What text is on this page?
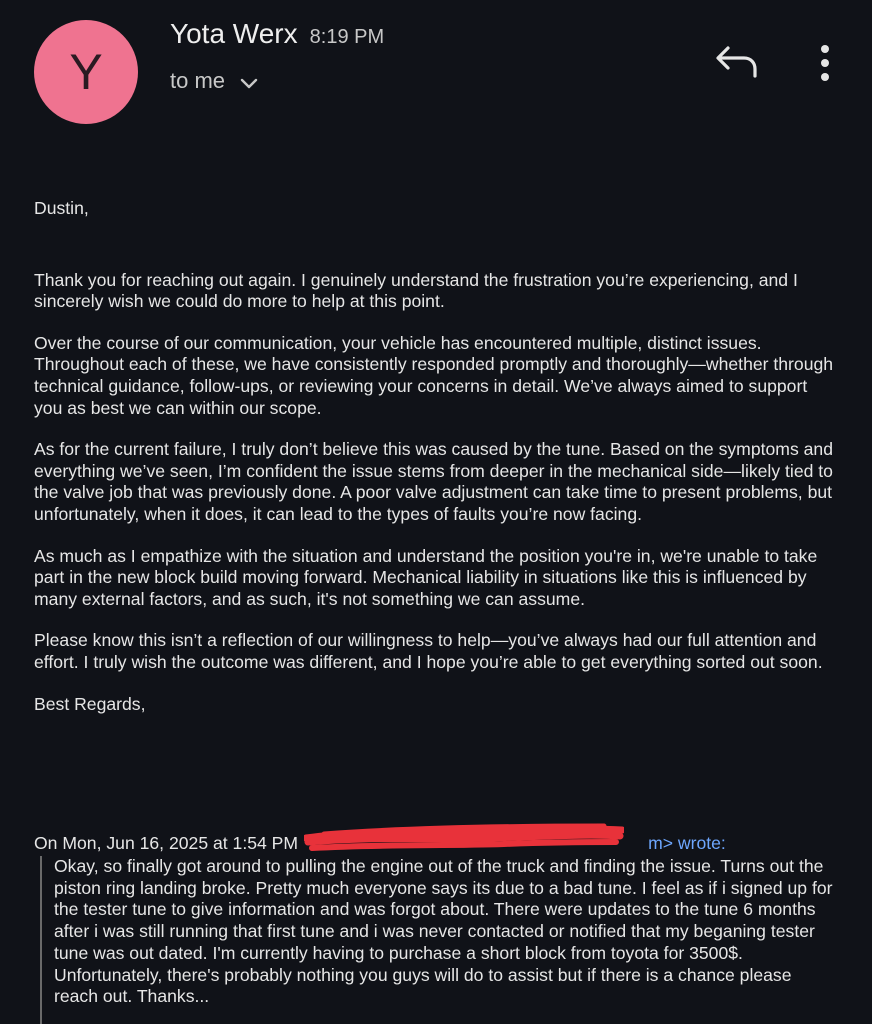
Y
Yota Werx 8:19 PM
to me

Dustin,

Thank you for reaching out again. I genuinely understand the frustration you’re experiencing, and I sincerely wish we could do more to help at this point.

Over the course of our communication, your vehicle has encountered multiple, distinct issues. Throughout each of these, we have consistently responded promptly and thoroughly—whether through technical guidance, follow-ups, or reviewing your concerns in detail. We’ve always aimed to support you as best we can within our scope.

As for the current failure, I truly don’t believe this was caused by the tune. Based on the symptoms and everything we’ve seen, I’m confident the issue stems from deeper in the mechanical side—likely tied to the valve job that was previously done. A poor valve adjustment can take time to present problems, but unfortunately, when it does, it can lead to the types of faults you’re now facing.

As much as I empathize with the situation and understand the position you're in, we're unable to take part in the new block build moving forward. Mechanical liability in situations like this is influenced by many external factors, and as such, it's not something we can assume.

Please know this isn’t a reflection of our willingness to help—you’ve always had our full attention and effort. I truly wish the outcome was different, and I hope you’re able to get everything sorted out soon.

Best Regards,

On Mon, Jun 16, 2025 at 1:54 PM	m> wrote:
Okay, so finally got around to pulling the engine out of the truck and finding the issue. Turns out the piston ring landing broke. Pretty much everyone says its due to a bad tune. I feel as if i signed up for the tester tune to give information and was forgot about. There were updates to the tune 6 months after i was still running that first tune and i was never contacted or notified that my beganing tester tune was out dated. I'm currently having to purchase a short block from toyota for 3500$. Unfortunately, there's probably nothing you guys will do to assist but if there is a chance please reach out. Thanks...
